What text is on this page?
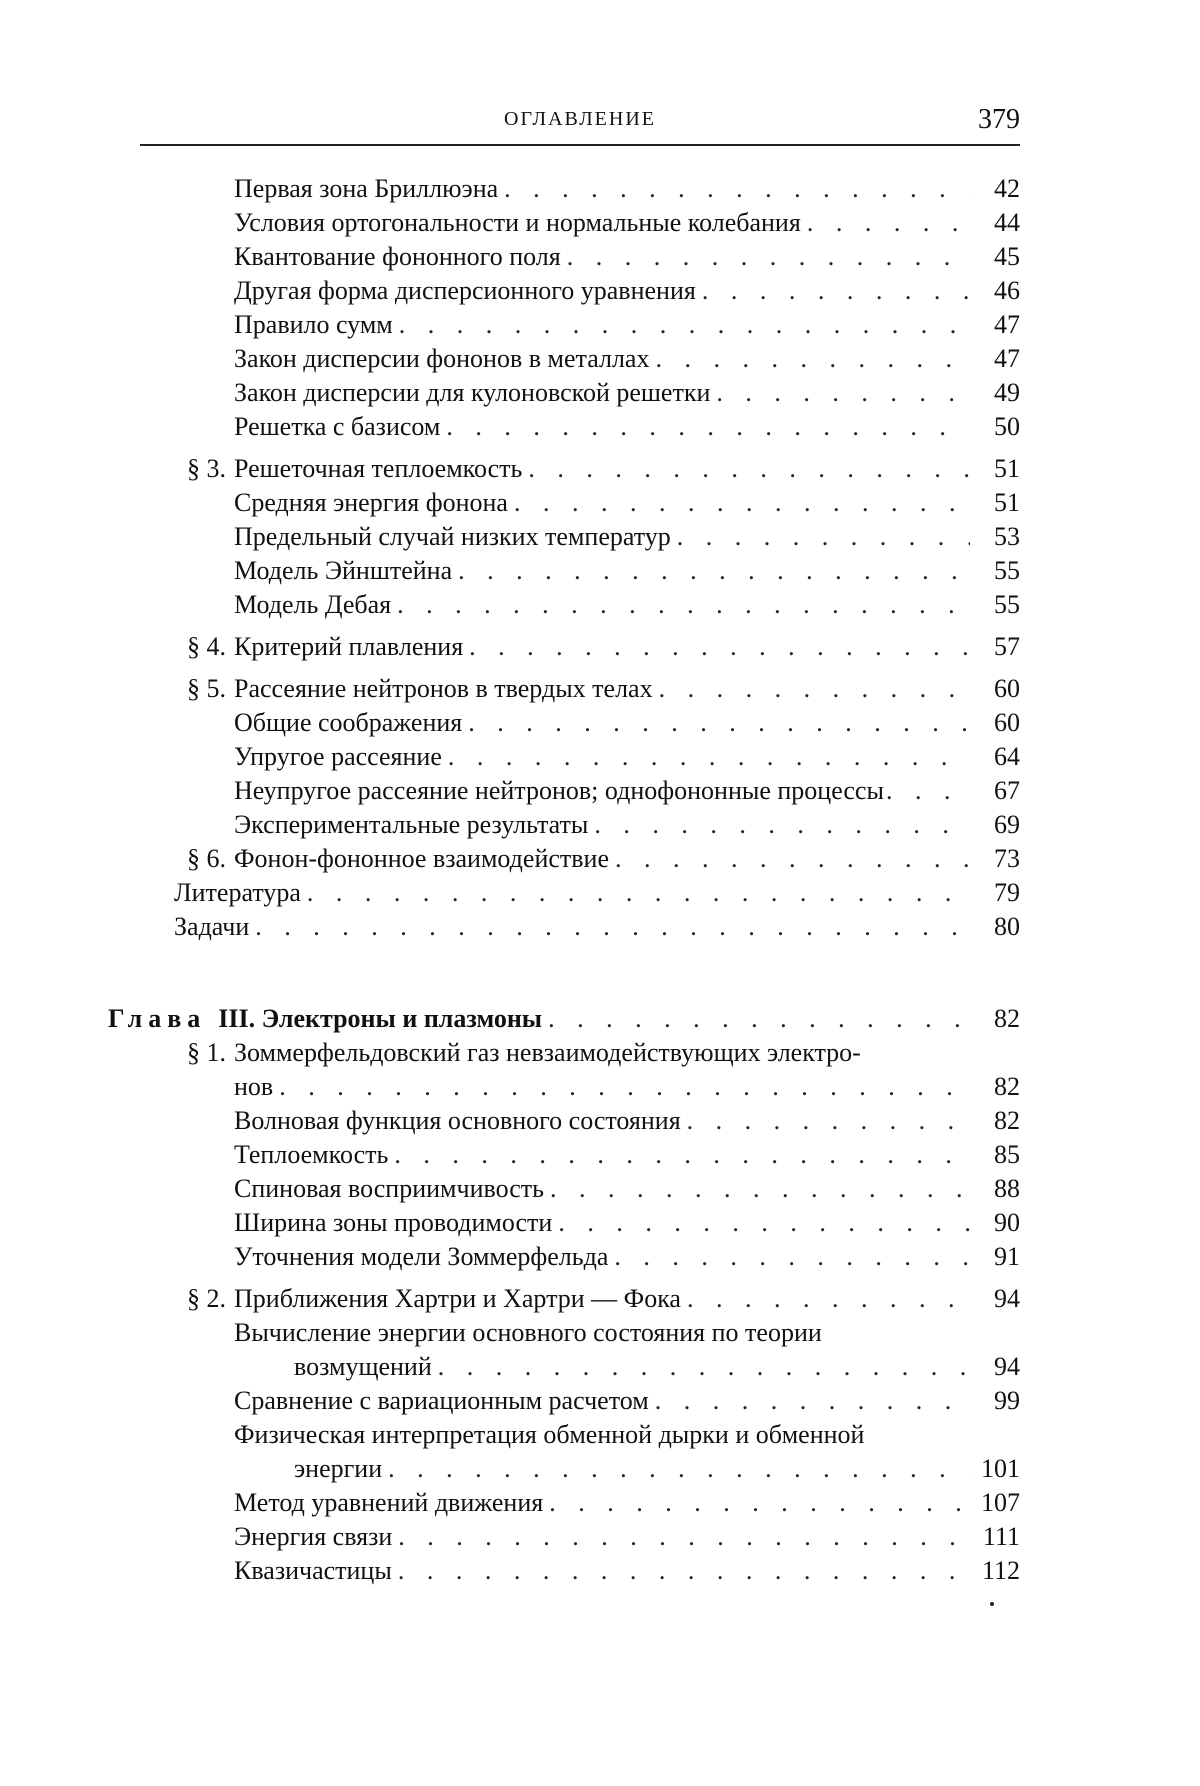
ОГЛАВЛЕНИЕ	379
Первая зона Бриллюэна . . .	42
Условия ортогональности и нормальные колебания . . .	44
Квантование фононного поля . . .	45
Другая форма дисперсионного уравнения . . .	46
Правило сумм . . .	47
Закон дисперсии фононов в металлах . . .	47
Закон дисперсии для кулоновской решетки . . .	49
Решетка с базисом . . .	50
§ 3. Решеточная теплоемкость . . .	51
Средняя энергия фонона . . .	51
Предельный случай низких температур . . .	53
Модель Эйнштейна . . .	55
Модель Дебая . . .	55
§ 4. Критерий плавления . . .	57
§ 5. Рассеяние нейтронов в твердых телах . . .	60
Общие соображения . . .	60
Упругое рассеяние . . .	64
Неупругое рассеяние нейтронов; однофононные процессы . . .	67
Экспериментальные результаты . . .	69
§ 6. Фонон-фононное взаимодействие . . .	73
Литература . . .	79
Задачи . . .	80
Глава III. Электроны и плазмоны . . .	82
§ 1. Зоммерфельдовский газ невзаимодействующих электро-
нов . . .	82
Волновая функция основного состояния . . .	82
Теплоемкость . . .	85
Спиновая восприимчивость . . .	88
Ширина зоны проводимости . . .	90
Уточнения модели Зоммерфельда . . .	91
§ 2. Приближения Хартри и Хартри — Фока . . .	94
Вычисление энергии основного состояния по теории
возмущений . . .	94
Сравнение с вариационным расчетом . . .	99
Физическая интерпретация обменной дырки и обменной
энергии . . .	101
Метод уравнений движения . . .	107
Энергия связи . . .	111
Квазичастицы . . .	112
